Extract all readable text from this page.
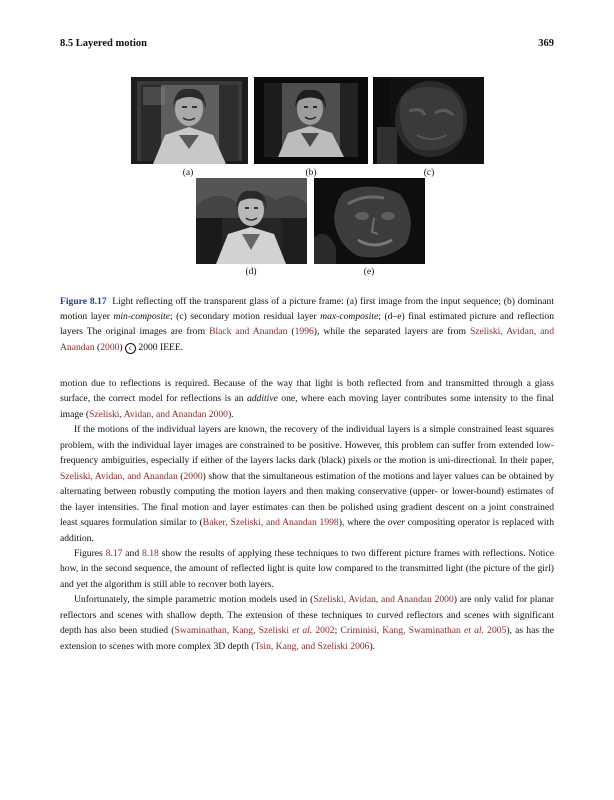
8.5 Layered motion	369
(a)	(b)	(c)
(d)	(e)
Figure 8.17 Light reflecting off the transparent glass of a picture frame: (a) first image from the input sequence; (b) dominant motion layer min-composite; (c) secondary motion residual layer max-composite; (d–e) final estimated picture and reflection layers The original images are from Black and Anandan (1996), while the separated layers are from Szeliski, Avidan, and Anandan (2000) c 2000 IEEE.

motion due to reflections is required. Because of the way that light is both reflected from and transmitted through a glass surface, the correct model for reflections is an additive one, where each moving layer contributes some intensity to the final image (Szeliski, Avidan, and Anandan 2000).

If the motions of the individual layers are known, the recovery of the individual layers is a simple constrained least squares problem, with the individual layer images are constrained to be positive. However, this problem can suffer from extended low-frequency ambiguities, especially if either of the layers lacks dark (black) pixels or the motion is uni-directional. In their paper, Szeliski, Avidan, and Anandan (2000) show that the simultaneous estimation of the motions and layer values can be obtained by alternating between robustly computing the motion layers and then making conservative (upper- or lower-bound) estimates of the layer intensities. The final motion and layer estimates can then be polished using gradient descent on a joint constrained least squares formulation similar to (Baker, Szeliski, and Anandan 1998), where the over compositing operator is replaced with addition.

Figures 8.17 and 8.18 show the results of applying these techniques to two different picture frames with reflections. Notice how, in the second sequence, the amount of reflected light is quite low compared to the transmitted light (the picture of the girl) and yet the algorithm is still able to recover both layers.

Unfortunately, the simple parametric motion models used in (Szeliski, Avidan, and Anandan 2000) are only valid for planar reflectors and scenes with shallow depth. The extension of these techniques to curved reflectors and scenes with significant depth has also been studied (Swaminathan, Kang, Szeliski et al. 2002; Criminisi, Kang, Swaminathan et al. 2005), as has the extension to scenes with more complex 3D depth (Tsin, Kang, and Szeliski 2006).
